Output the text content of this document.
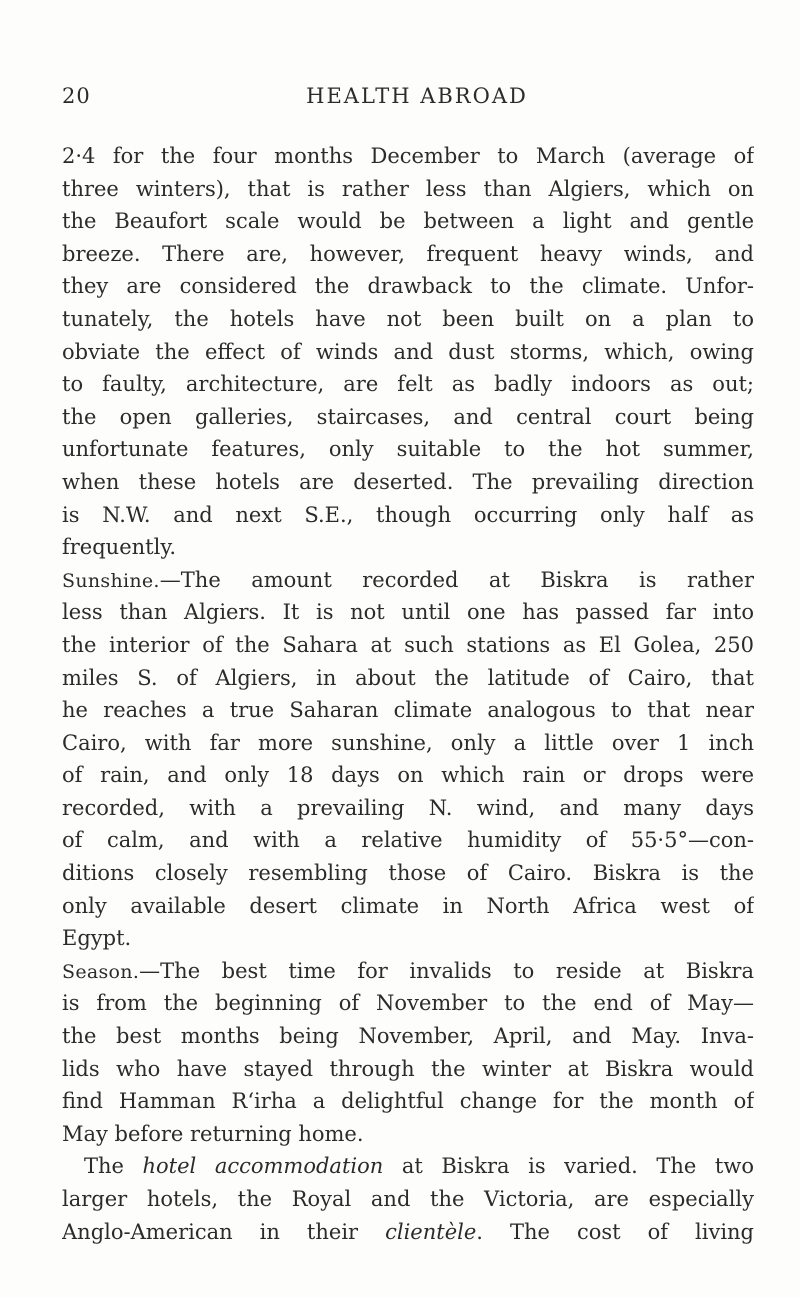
20	HEALTH ABROAD
2·4 for the four months December to March (average of
three winters), that is rather less than Algiers, which on
the Beaufort scale would be between a light and gentle
breeze. There are, however, frequent heavy winds, and
they are considered the drawback to the climate. Unfor-
tunately, the hotels have not been built on a plan to
obviate the effect of winds and dust storms, which, owing
to faulty, architecture, are felt as badly indoors as out;
the open galleries, staircases, and central court being
unfortunate features, only suitable to the hot summer,
when these hotels are deserted. The prevailing direction
is N.W. and next S.E., though occurring only half as
frequently.
Sunshine.—The amount recorded at Biskra is rather
less than Algiers. It is not until one has passed far into
the interior of the Sahara at such stations as El Golea, 250
miles S. of Algiers, in about the latitude of Cairo, that
he reaches a true Saharan climate analogous to that near
Cairo, with far more sunshine, only a little over 1 inch
of rain, and only 18 days on which rain or drops were
recorded, with a prevailing N. wind, and many days
of calm, and with a relative humidity of 55·5°—con-
ditions closely resembling those of Cairo. Biskra is the
only available desert climate in North Africa west of
Egypt.
Season.—The best time for invalids to reside at Biskra
is from the beginning of November to the end of May—
the best months being November, April, and May. Inva-
lids who have stayed through the winter at Biskra would
find Hamman R‘irha a delightful change for the month of
May before returning home.
The hotel accommodation at Biskra is varied. The two
larger hotels, the Royal and the Victoria, are especially
Anglo-American in their clientèle. The cost of living
